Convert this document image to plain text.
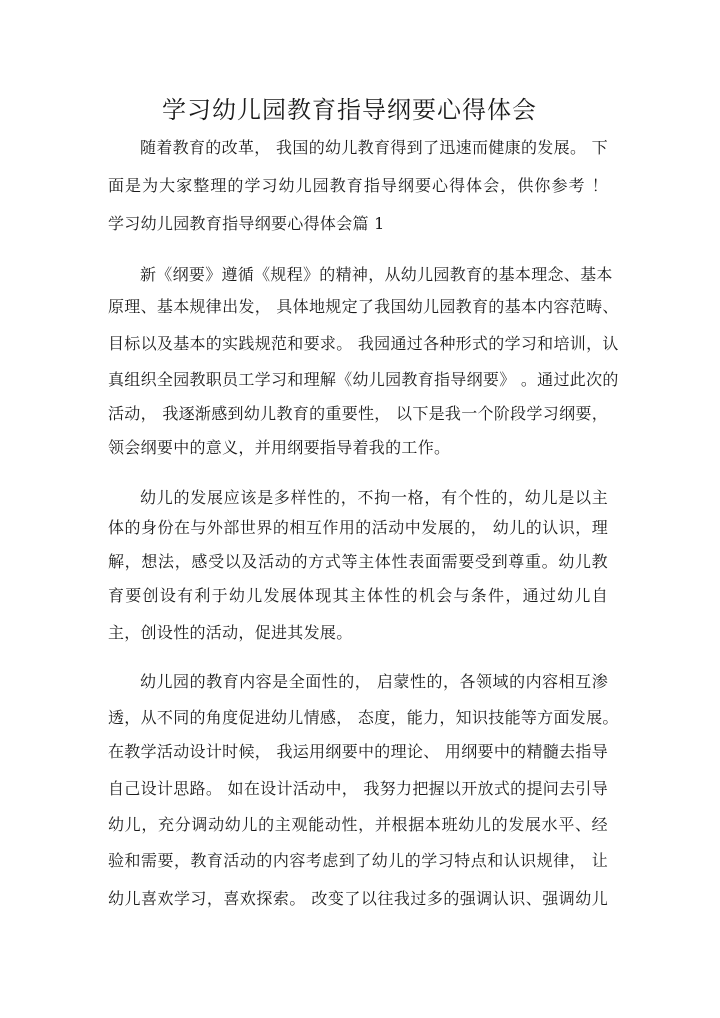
学习幼儿园教育指导纲要心得体会
随着教育的改革， 我国的幼儿教育得到了迅速而健康的发展。 下
面是为大家整理的学习幼儿园教育指导纲要心得体会，供你参考 ！
学习幼儿园教育指导纲要心得体会篇 1
新《纲要》遵循《规程》的精神，从幼儿园教育的基本理念、基本
原理、基本规律出发， 具体地规定了我国幼儿园教育的基本内容范畴、
目标以及基本的实践规范和要求。 我园通过各种形式的学习和培训，认
真组织全园教职员工学习和理解《幼儿园教育指导纲要》 。通过此次的
活动， 我逐渐感到幼儿教育的重要性， 以下是我一个阶段学习纲要，
领会纲要中的意义，并用纲要指导着我的工作。
幼儿的发展应该是多样性的，不拘一格，有个性的，幼儿是以主
体的身份在与外部世界的相互作用的活动中发展的， 幼儿的认识，理
解，想法，感受以及活动的方式等主体性表面需要受到尊重。幼儿教
育要创设有利于幼儿发展体现其主体性的机会与条件，通过幼儿自
主，创设性的活动，促进其发展。
幼儿园的教育内容是全面性的， 启蒙性的，各领域的内容相互渗
透，从不同的角度促进幼儿情感， 态度，能力，知识技能等方面发展。
在教学活动设计时候， 我运用纲要中的理论、 用纲要中的精髓去指导
自己设计思路。 如在设计活动中， 我努力把握以开放式的提问去引导
幼儿，充分调动幼儿的主观能动性，并根据本班幼儿的发展水平、经
验和需要，教育活动的内容考虑到了幼儿的学习特点和认识规律， 让
幼儿喜欢学习，喜欢探索。 改变了以往我过多的强调认识、强调幼儿
